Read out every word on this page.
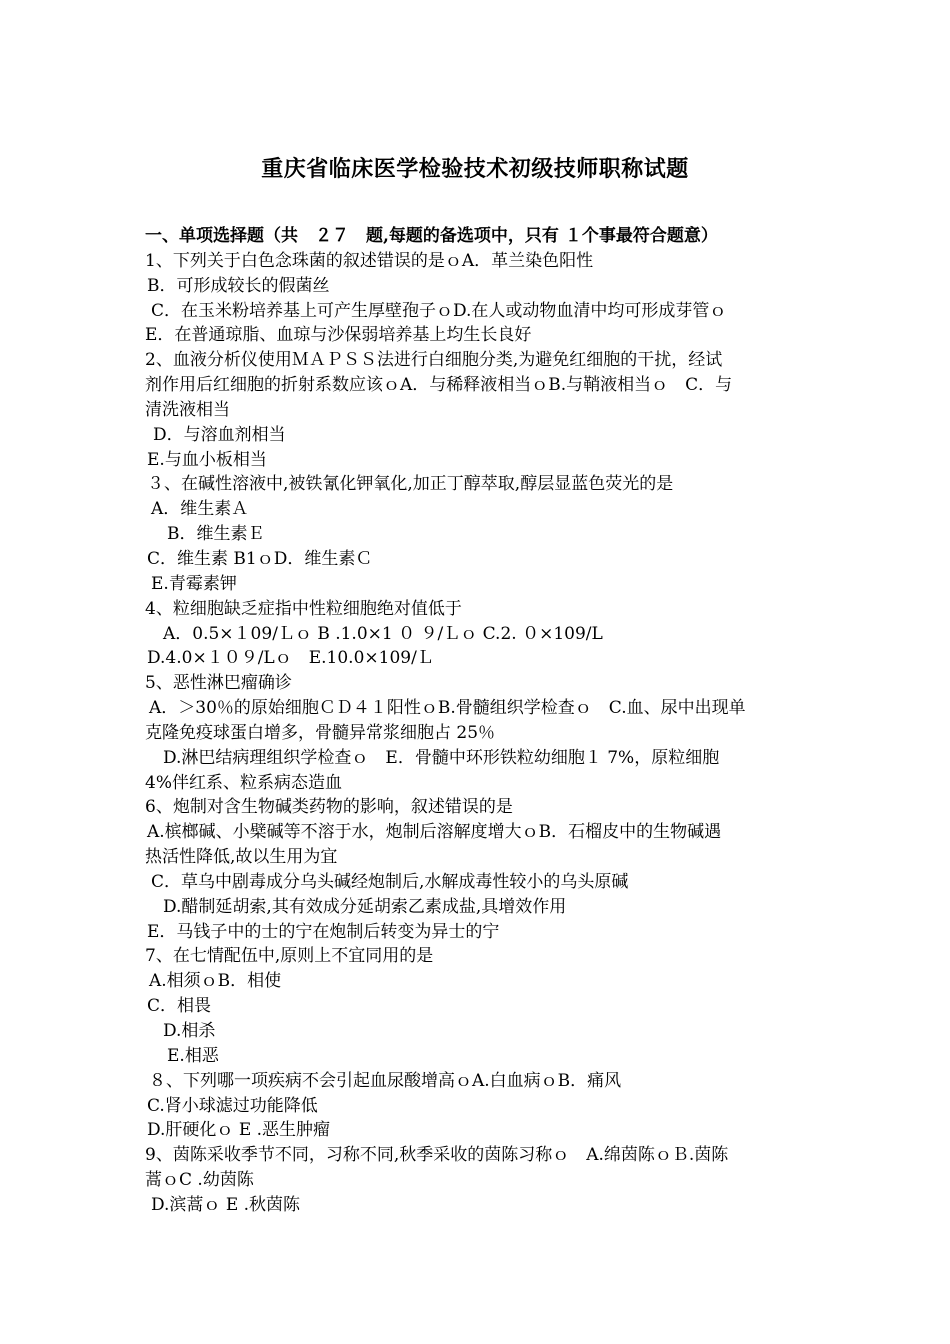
重庆省临床医学检验技术初级技师职称试题
一、单项选择题（共　２７　题,每题的备选项中，只有 １个事最符合题意）
1、下列关于白色念珠菌的叙述错误的是ｏA．革兰染色阳性
B．可形成较长的假菌丝
C．在玉米粉培养基上可产生厚壁孢子ｏD.在人或动物血清中均可形成芽管ｏ
E．在普通琼脂、血琼与沙保弱培养基上均生长良好
2、血液分析仪使用ＭＡＰＳＳ法进行白细胞分类,为避免红细胞的干扰，经试
剂作用后红细胞的折射系数应该ｏA．与稀释液相当ｏB.与鞘液相当ｏ　C．与
清洗液相当
D．与溶血剂相当
E.与血小板相当
３、在碱性溶液中,被铁氰化钾氧化,加正丁醇萃取,醇层显蓝色荧光的是
A．维生素Ａ
B．维生素Ｅ
C．维生素 B1ｏD．维生素Ｃ
E.青霉素钾
4、粒细胞缺乏症指中性粒细胞绝对值低于
A．0.5×１09/Ｌｏ B .1.0×1 ０ ９/Ｌｏ C.2. ０×109/L
D.4.0×１０９/Lｏ　E.10.0×109/Ｌ
5、恶性淋巴瘤确诊
A．＞30％的原始细胞ＣＤ４１阳性ｏB.骨髓组织学检查ｏ　C.血、尿中出现单
克隆免疫球蛋白增多，骨髓异常浆细胞占 25％
D.淋巴结病理组织学检查ｏ　E．骨髓中环形铁粒幼细胞１ 7%，原粒细胞
4%伴红系、粒系病态造血
6、炮制对含生物碱类药物的影响，叙述错误的是
A.槟榔碱、小檗碱等不溶于水，炮制后溶解度增大ｏB．石榴皮中的生物碱遇
热活性降低,故以生用为宜
C．草乌中剧毒成分乌头碱经炮制后,水解成毒性较小的乌头原碱
D.醋制延胡索,其有效成分延胡索乙素成盐,具增效作用
E．马钱子中的士的宁在炮制后转变为异士的宁
7、在七情配伍中,原则上不宜同用的是
A.相须ｏB．相使
C．相畏
D.相杀
E.相恶
８、下列哪一项疾病不会引起血尿酸增高ｏA.白血病ｏB．痛风
C.肾小球滤过功能降低
D.肝硬化ｏ E .恶生肿瘤
9、茵陈采收季节不同，习称不同,秋季采收的茵陈习称ｏ　A.绵茵陈ｏＢ.茵陈
蒿ｏC .幼茵陈
D.滨蒿ｏ E .秋茵陈
